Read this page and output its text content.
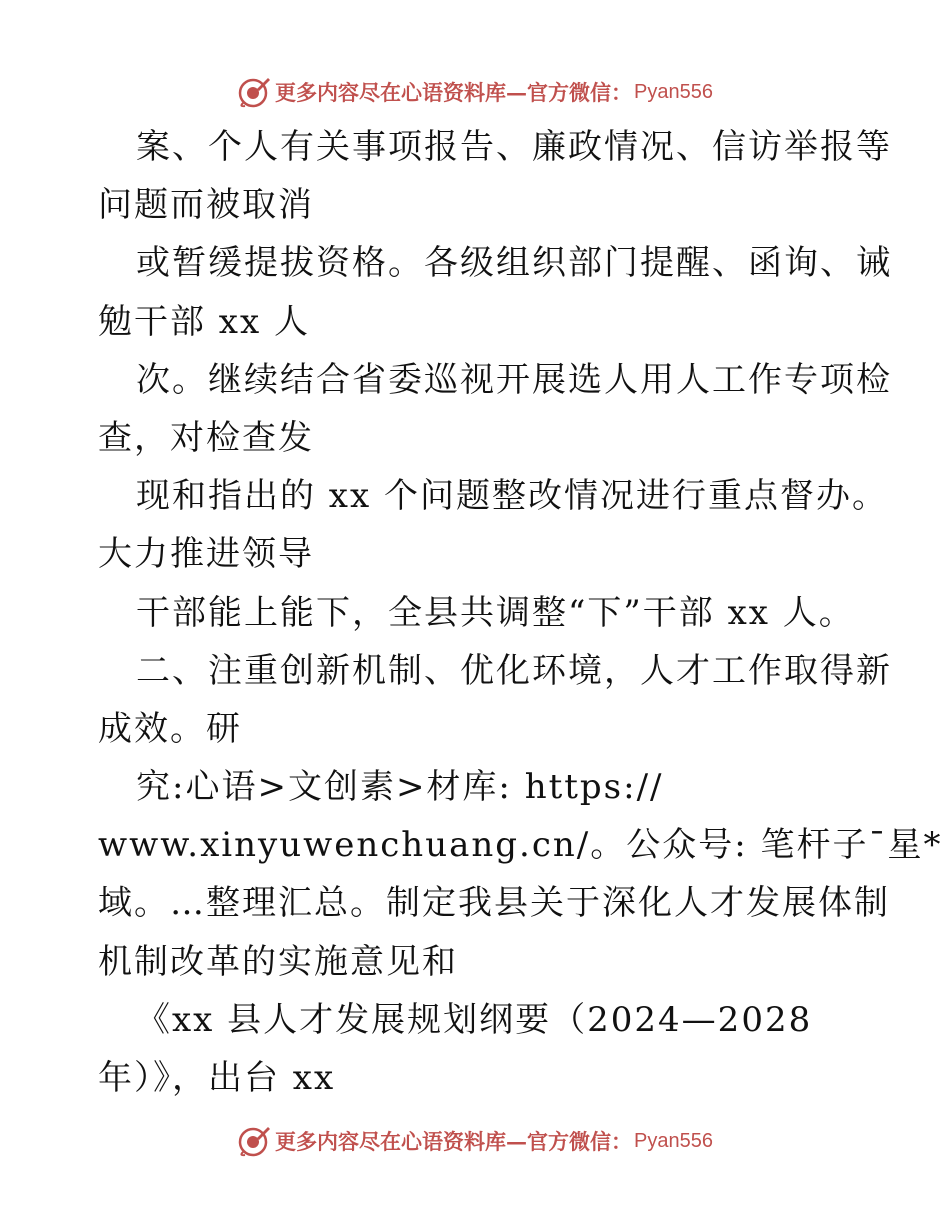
更多内容尽在心语资料库 — 官方微信： Pyan556
案、个人有关事项报告、廉政情况、信访举报等
问题而被取消
或暂缓提拔资格。各级组织部门提醒、函询、诫
勉干部 xx 人
次。继续结合省委巡视开展选人用人工作专项检
查，对检查发
现和指出的 xx 个问题整改情况进行重点督办。
大力推进领导
干部能上能下，全县共调整“下”干部 xx 人。
二、注重创新机制、优化环境，人才工作取得新
成效。研
究:心语>文创素>材库: https://
www.xinyuwenchuang.cn/。公众号: 笔杆子¯星*
域。…整理汇总。制定我县关于深化人才发展体制
机制改革的实施意见和
《xx 县人才发展规划纲要（2024—2028
年）》，出台 xx
更多内容尽在心语资料库 — 官方微信： Pyan556
